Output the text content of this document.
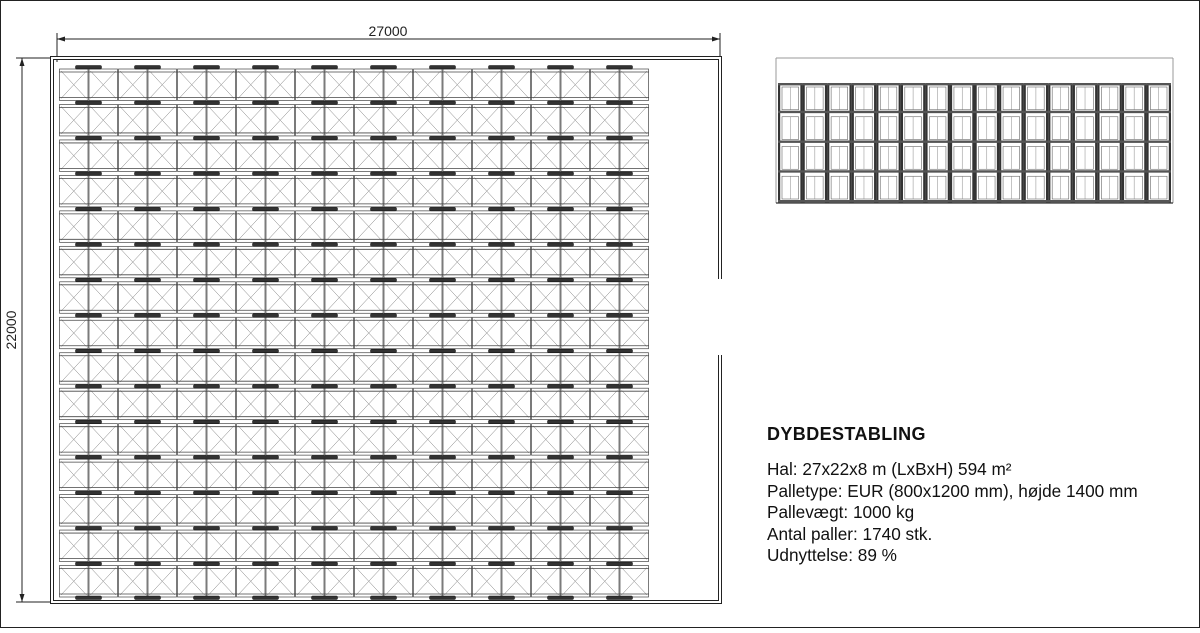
27000
22000
DYBDESTABLING
Hal: 27x22x8 m (LxBxH) 594 m²
Palletype: EUR (800x1200 mm), højde 1400 mm
Pallevægt: 1000 kg
Antal paller: 1740 stk.
Udnyttelse: 89 %
